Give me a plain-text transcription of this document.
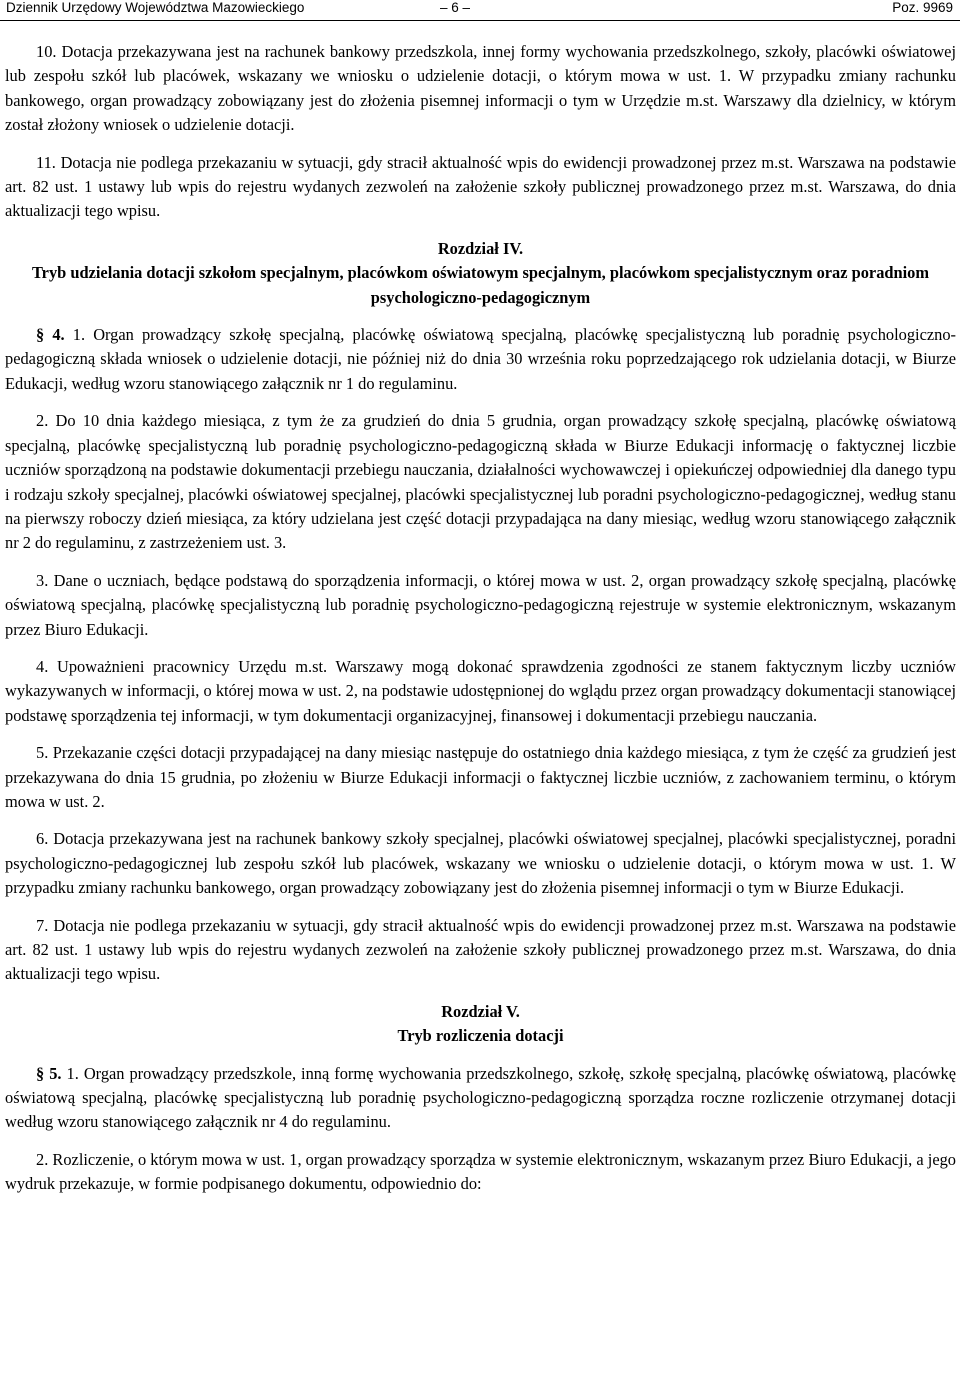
Dziennik Urzędowy Województwa Mazowieckiego	– 6 –	Poz. 9969

10. Dotacja przekazywana jest na rachunek bankowy przedszkola, innej formy wychowania przedszkolnego, szkoły, placówki oświatowej lub zespołu szkół lub placówek, wskazany we wniosku o udzielenie dotacji, o którym mowa w ust. 1. W przypadku zmiany rachunku bankowego, organ prowadzący zobowiązany jest do złożenia pisemnej informacji o tym w Urzędzie m.st. Warszawy dla dzielnicy, w którym został złożony wniosek o udzielenie dotacji.

11. Dotacja nie podlega przekazaniu w sytuacji, gdy stracił aktualność wpis do ewidencji prowadzonej przez m.st. Warszawa na podstawie art. 82 ust. 1 ustawy lub wpis do rejestru wydanych zezwoleń na założenie szkoły publicznej prowadzonego przez m.st. Warszawa, do dnia aktualizacji tego wpisu.

Rozdział IV.

Tryb udzielania dotacji szkołom specjalnym, placówkom oświatowym specjalnym, placówkom specjalistycznym oraz poradniom psychologiczno-pedagogicznym

§ 4. 1. Organ prowadzący szkołę specjalną, placówkę oświatową specjalną, placówkę specjalistyczną lub poradnię psychologiczno-pedagogiczną składa wniosek o udzielenie dotacji, nie później niż do dnia 30 września roku poprzedzającego rok udzielania dotacji, w Biurze Edukacji, według wzoru stanowiącego załącznik nr 1 do regulaminu.

2. Do 10 dnia każdego miesiąca, z tym że za grudzień do dnia 5 grudnia, organ prowadzący szkołę specjalną, placówkę oświatową specjalną, placówkę specjalistyczną lub poradnię psychologiczno-pedagogiczną składa w Biurze Edukacji informację o faktycznej liczbie uczniów sporządzoną na podstawie dokumentacji przebiegu nauczania, działalności wychowawczej i opiekuńczej odpowiedniej dla danego typu i rodzaju szkoły specjalnej, placówki oświatowej specjalnej, placówki specjalistycznej lub poradni psychologiczno-pedagogicznej, według stanu na pierwszy roboczy dzień miesiąca, za który udzielana jest część dotacji przypadająca na dany miesiąc, według wzoru stanowiącego załącznik nr 2 do regulaminu, z zastrzeżeniem ust. 3.

3. Dane o uczniach, będące podstawą do sporządzenia informacji, o której mowa w ust. 2, organ prowadzący szkołę specjalną, placówkę oświatową specjalną, placówkę specjalistyczną lub poradnię psychologiczno-pedagogiczną rejestruje w systemie elektronicznym, wskazanym przez Biuro Edukacji.

4. Upoważnieni pracownicy Urzędu m.st. Warszawy mogą dokonać sprawdzenia zgodności ze stanem faktycznym liczby uczniów wykazywanych w informacji, o której mowa w ust. 2, na podstawie udostępnionej do wglądu przez organ prowadzący dokumentacji stanowiącej podstawę sporządzenia tej informacji, w tym dokumentacji organizacyjnej, finansowej i dokumentacji przebiegu nauczania.

5. Przekazanie części dotacji przypadającej na dany miesiąc następuje do ostatniego dnia każdego miesiąca, z tym że część za grudzień jest przekazywana do dnia 15 grudnia, po złożeniu w Biurze Edukacji informacji o faktycznej liczbie uczniów, z zachowaniem terminu, o którym mowa w ust. 2.

6. Dotacja przekazywana jest na rachunek bankowy szkoły specjalnej, placówki oświatowej specjalnej, placówki specjalistycznej, poradni psychologiczno-pedagogicznej lub zespołu szkół lub placówek, wskazany we wniosku o udzielenie dotacji, o którym mowa w ust. 1. W przypadku zmiany rachunku bankowego, organ prowadzący zobowiązany jest do złożenia pisemnej informacji o tym w Biurze Edukacji.

7. Dotacja nie podlega przekazaniu w sytuacji, gdy stracił aktualność wpis do ewidencji prowadzonej przez m.st. Warszawa na podstawie art. 82 ust. 1 ustawy lub wpis do rejestru wydanych zezwoleń na założenie szkoły publicznej prowadzonego przez m.st. Warszawa, do dnia aktualizacji tego wpisu.

Rozdział V.

Tryb rozliczenia dotacji

§ 5. 1. Organ prowadzący przedszkole, inną formę wychowania przedszkolnego, szkołę, szkołę specjalną, placówkę oświatową, placówkę oświatową specjalną, placówkę specjalistyczną lub poradnię psychologiczno-pedagogiczną sporządza roczne rozliczenie otrzymanej dotacji według wzoru stanowiącego załącznik nr 4 do regulaminu.

2. Rozliczenie, o którym mowa w ust. 1, organ prowadzący sporządza w systemie elektronicznym, wskazanym przez Biuro Edukacji, a jego wydruk przekazuje, w formie podpisanego dokumentu, odpowiednio do:
